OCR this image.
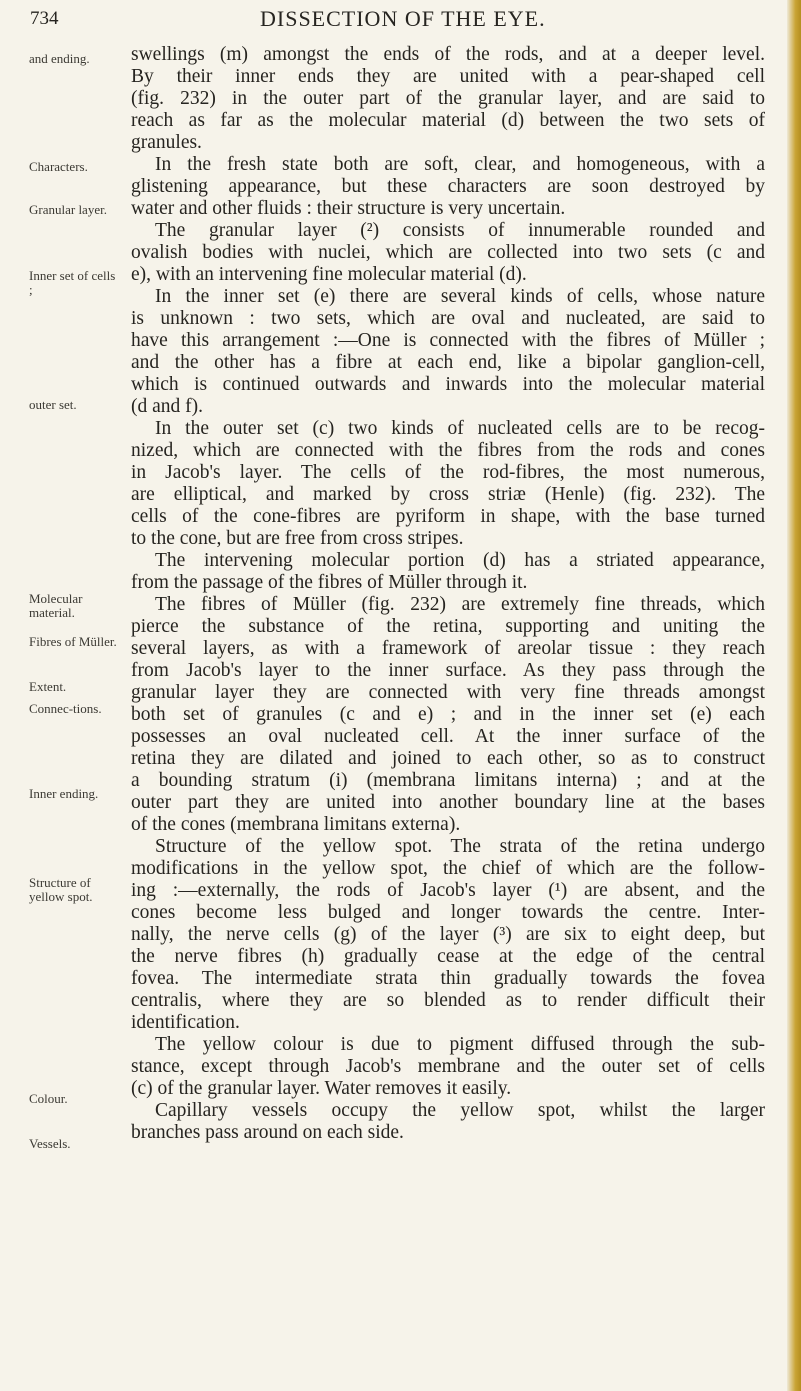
734	DISSECTION OF THE EYE.
and ending.
Characters.
Granular layer.
Inner set of cells ;
outer set.
Molecular material.
Fibres of Müller.
Extent.
Connec-tions.
Inner ending.
Structure of yellow spot.
Colour.
Vessels.
swellings (m) amongst the ends of the rods, and at a deeper level.
By their inner ends they are united with a pear-shaped cell
(fig. 232) in the outer part of the granular layer, and are said to
reach as far as the molecular material (d) between the two sets of
granules.
In the fresh state both are soft, clear, and homogeneous, with a
glistening appearance, but these characters are soon destroyed by
water and other fluids : their structure is very uncertain.
The granular layer (²) consists of innumerable rounded and
ovalish bodies with nuclei, which are collected into two sets (c and
e), with an intervening fine molecular material (d).
In the inner set (e) there are several kinds of cells, whose nature
is unknown : two sets, which are oval and nucleated, are said to
have this arrangement :—One is connected with the fibres of Müller ;
and the other has a fibre at each end, like a bipolar ganglion-cell,
which is continued outwards and inwards into the molecular material
(d and f).
In the outer set (c) two kinds of nucleated cells are to be recog-
nized, which are connected with the fibres from the rods and cones
in Jacob's layer. The cells of the rod-fibres, the most numerous,
are elliptical, and marked by cross striæ (Henle) (fig. 232). The
cells of the cone-fibres are pyriform in shape, with the base turned
to the cone, but are free from cross stripes.
The intervening molecular portion (d) has a striated appearance,
from the passage of the fibres of Müller through it.
The fibres of Müller (fig. 232) are extremely fine threads, which
pierce the substance of the retina, supporting and uniting the
several layers, as with a framework of areolar tissue : they reach
from Jacob's layer to the inner surface. As they pass through the
granular layer they are connected with very fine threads amongst
both set of granules (c and e) ; and in the inner set (e) each
possesses an oval nucleated cell. At the inner surface of the
retina they are dilated and joined to each other, so as to construct
a bounding stratum (i) (membrana limitans interna) ; and at the
outer part they are united into another boundary line at the bases
of the cones (membrana limitans externa).
Structure of the yellow spot. The strata of the retina undergo
modifications in the yellow spot, the chief of which are the follow-
ing :—externally, the rods of Jacob's layer (¹) are absent, and the
cones become less bulged and longer towards the centre. Inter-
nally, the nerve cells (g) of the layer (³) are six to eight deep, but
the nerve fibres (h) gradually cease at the edge of the central
fovea. The intermediate strata thin gradually towards the fovea
centralis, where they are so blended as to render difficult their
identification.
The yellow colour is due to pigment diffused through the sub-
stance, except through Jacob's membrane and the outer set of cells
(c) of the granular layer. Water removes it easily.
Capillary vessels occupy the yellow spot, whilst the larger
branches pass around on each side.
